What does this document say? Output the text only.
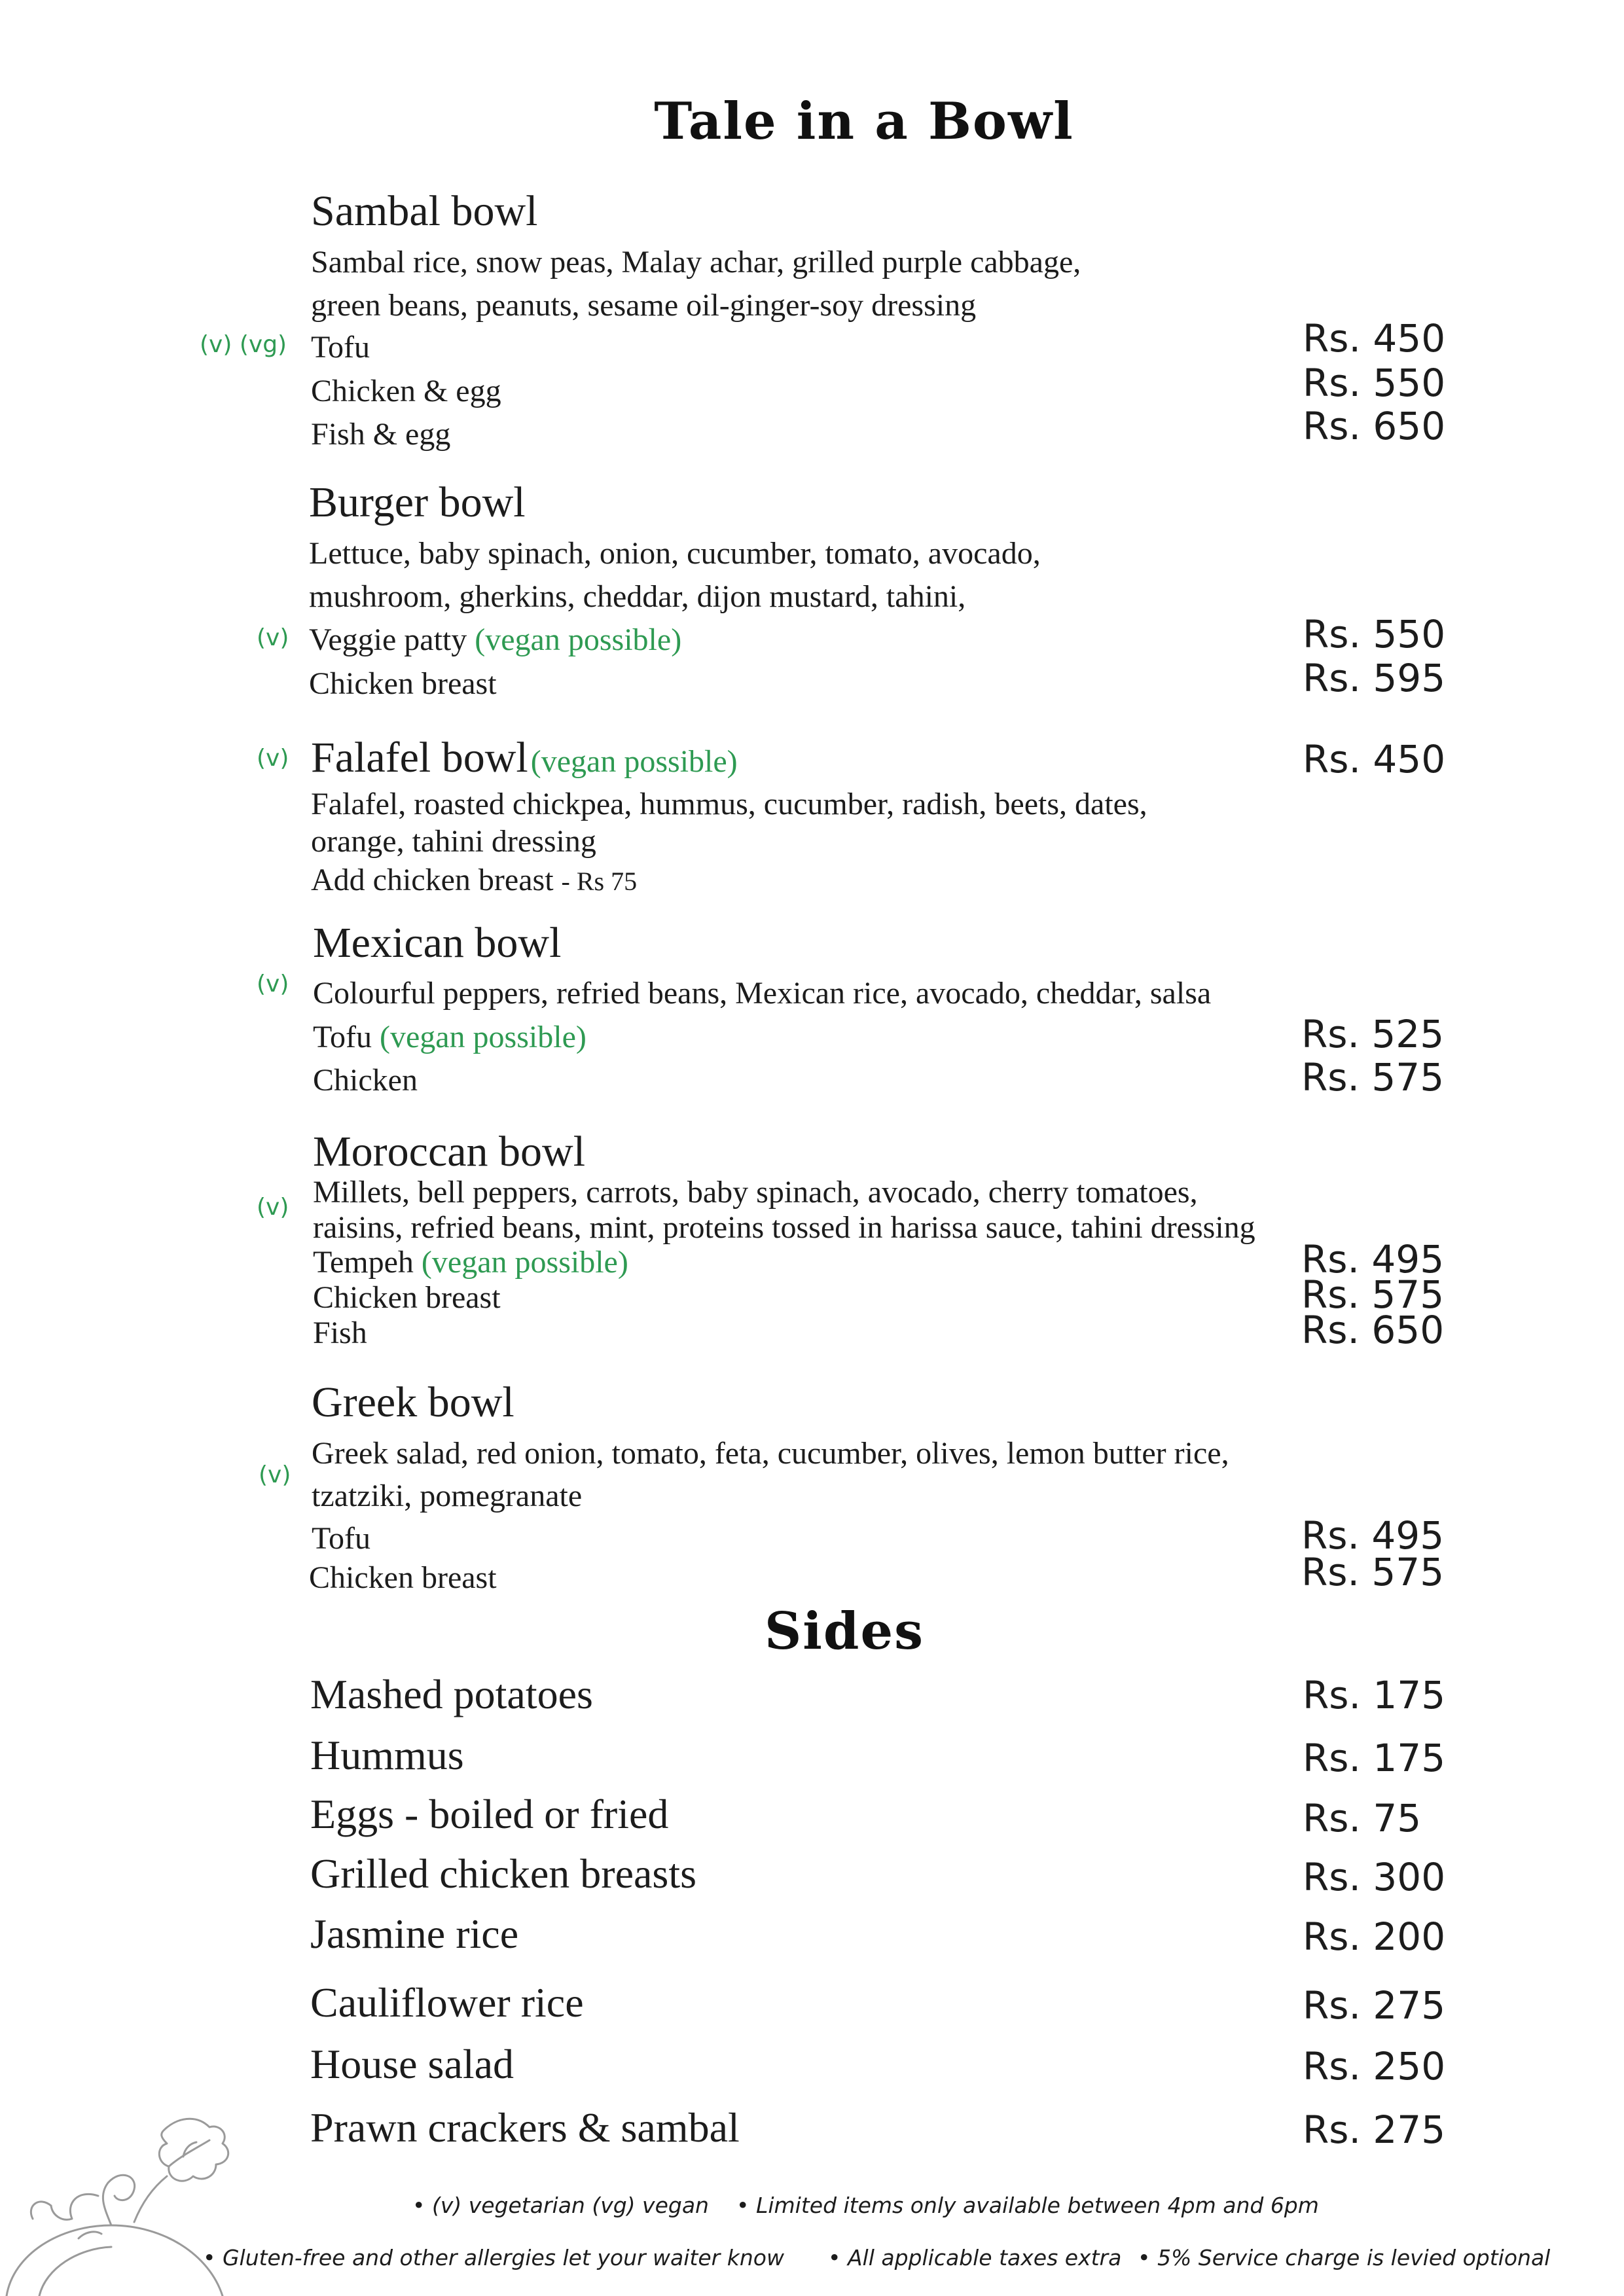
Tale in a Bowl
Sambal bowl
Sambal rice, snow peas, Malay achar, grilled purple cabbage,
green beans, peanuts, sesame oil-ginger-soy dressing
(v) (vg) Tofu	Rs. 450
Chicken & egg	Rs. 550
Fish & egg	Rs. 650
Burger bowl
Lettuce, baby spinach, onion, cucumber, tomato, avocado,
mushroom, gherkins, cheddar, dijon mustard, tahini,
(v) Veggie patty (vegan possible)	Rs. 550
Chicken breast	Rs. 595
(v) Falafel bowl (vegan possible)	Rs. 450
Falafel, roasted chickpea, hummus, cucumber, radish, beets, dates,
orange, tahini dressing
Add chicken breast - Rs 75
Mexican bowl
(v) Colourful peppers, refried beans, Mexican rice, avocado, cheddar, salsa
Tofu (vegan possible)	Rs. 525
Chicken	Rs. 575
Moroccan bowl
Millets, bell peppers, carrots, baby spinach, avocado, cherry tomatoes,
(v)
raisins, refried beans, mint, proteins tossed in harissa sauce, tahini dressing
Tempeh (vegan possible)	Rs. 495
Chicken breast	Rs. 575
Fish	Rs. 650
Greek bowl
Greek salad, red onion, tomato, feta, cucumber, olives, lemon butter rice,
(v)
tzatziki, pomegranate
Tofu	Rs. 495
Chicken breast	Rs. 575
Sides
Mashed potatoes	Rs. 175
Hummus	Rs. 175
Eggs - boiled or fried	Rs. 75
Grilled chicken breasts	Rs. 300
Jasmine rice	Rs. 200
Cauliflower rice	Rs. 275
House salad	Rs. 250
Prawn crackers & sambal	Rs. 275
• (v) vegetarian (vg) vegan • Limited items only available between 4pm and 6pm
• Gluten-free and other allergies let your waiter know • All applicable taxes extra • 5% Service charge is levied optional
